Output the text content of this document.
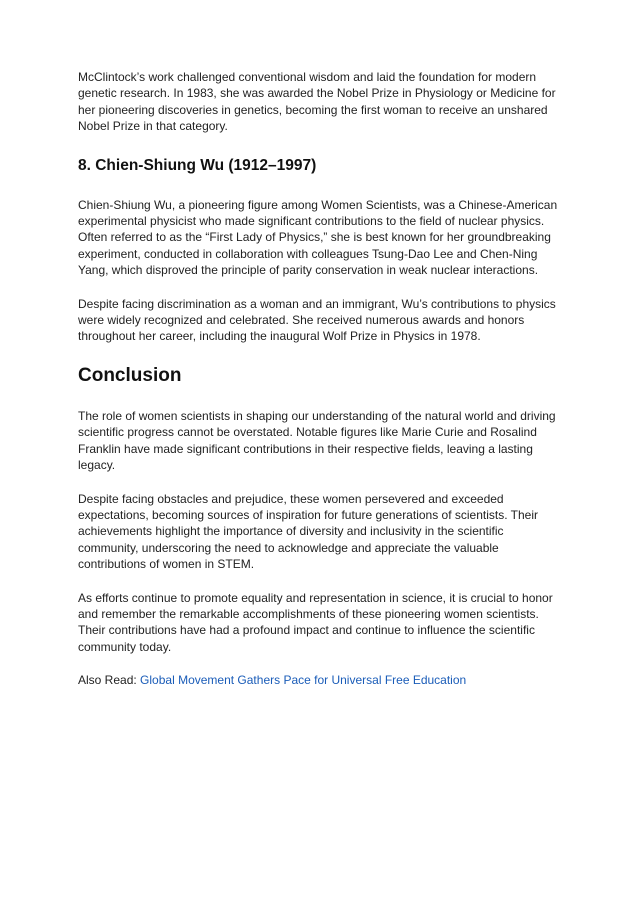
McClintock’s work challenged conventional wisdom and laid the foundation for modern genetic research. In 1983, she was awarded the Nobel Prize in Physiology or Medicine for her pioneering discoveries in genetics, becoming the first woman to receive an unshared Nobel Prize in that category.

8. Chien-Shiung Wu (1912–1997)

Chien-Shiung Wu, a pioneering figure among Women Scientists, was a Chinese-American experimental physicist who made significant contributions to the field of nuclear physics. Often referred to as the “First Lady of Physics,” she is best known for her groundbreaking experiment, conducted in collaboration with colleagues Tsung-Dao Lee and Chen-Ning Yang, which disproved the principle of parity conservation in weak nuclear interactions.

Despite facing discrimination as a woman and an immigrant, Wu’s contributions to physics were widely recognized and celebrated. She received numerous awards and honors throughout her career, including the inaugural Wolf Prize in Physics in 1978.

Conclusion

The role of women scientists in shaping our understanding of the natural world and driving scientific progress cannot be overstated. Notable figures like Marie Curie and Rosalind Franklin have made significant contributions in their respective fields, leaving a lasting legacy.

Despite facing obstacles and prejudice, these women persevered and exceeded expectations, becoming sources of inspiration for future generations of scientists. Their achievements highlight the importance of diversity and inclusivity in the scientific community, underscoring the need to acknowledge and appreciate the valuable contributions of women in STEM.

As efforts continue to promote equality and representation in science, it is crucial to honor and remember the remarkable accomplishments of these pioneering women scientists. Their contributions have had a profound impact and continue to influence the scientific community today.

Also Read: Global Movement Gathers Pace for Universal Free Education
